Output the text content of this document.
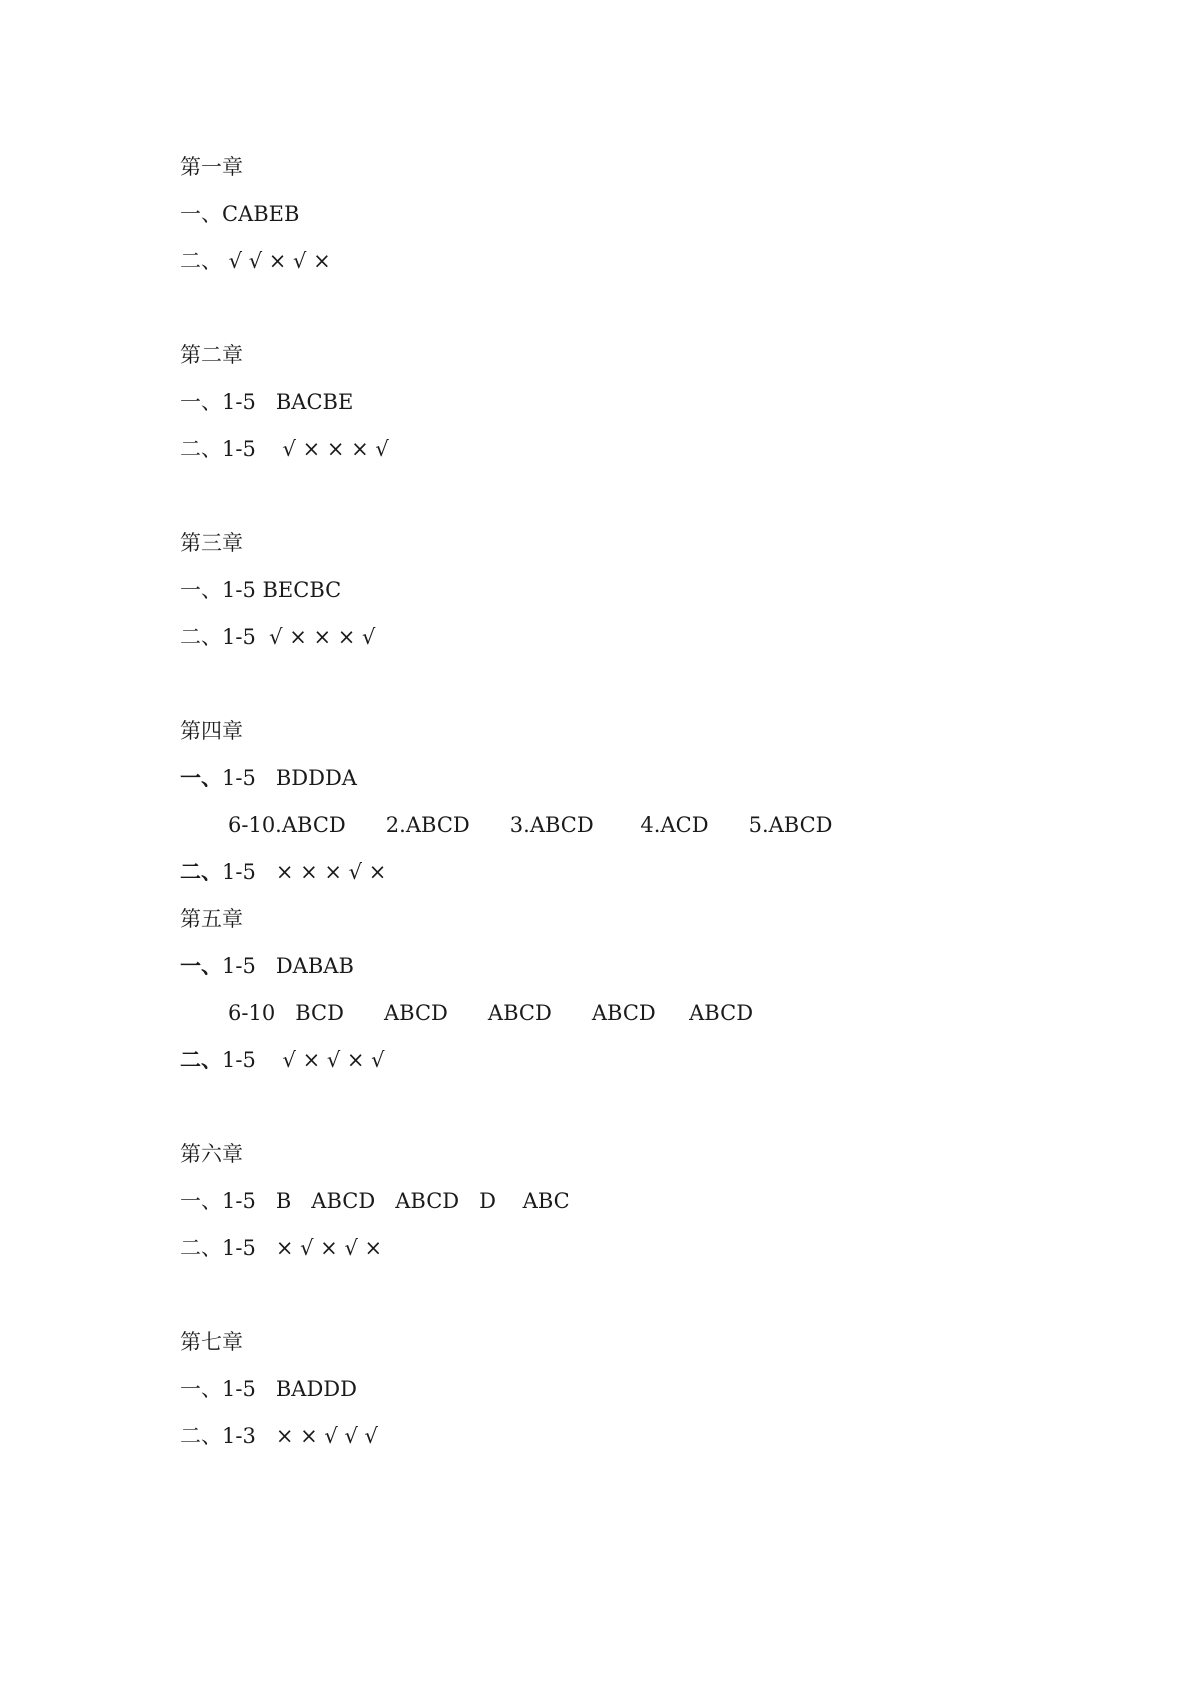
第一章
一、CABEB
二、 √ √ × √ ×
第二章
一、1-5   BACBE
二、1-5    √ × × × √
第三章
一、1-5 BECBC
二、1-5  √ × × × √
第四章
一、1-5   BDDDA
6-10.ABCD      2.ABCD      3.ABCD       4.ACD      5.ABCD
二、1-5   × × × √ ×
第五章
一、1-5   DABAB
6-10   BCD      ABCD      ABCD      ABCD     ABCD
二、1-5    √ × √ × √
第六章
一、1-5   B   ABCD   ABCD   D    ABC
二、1-5   × √ × √ ×
第七章
一、1-5   BADDD
二、1-3   × × √ √ √
